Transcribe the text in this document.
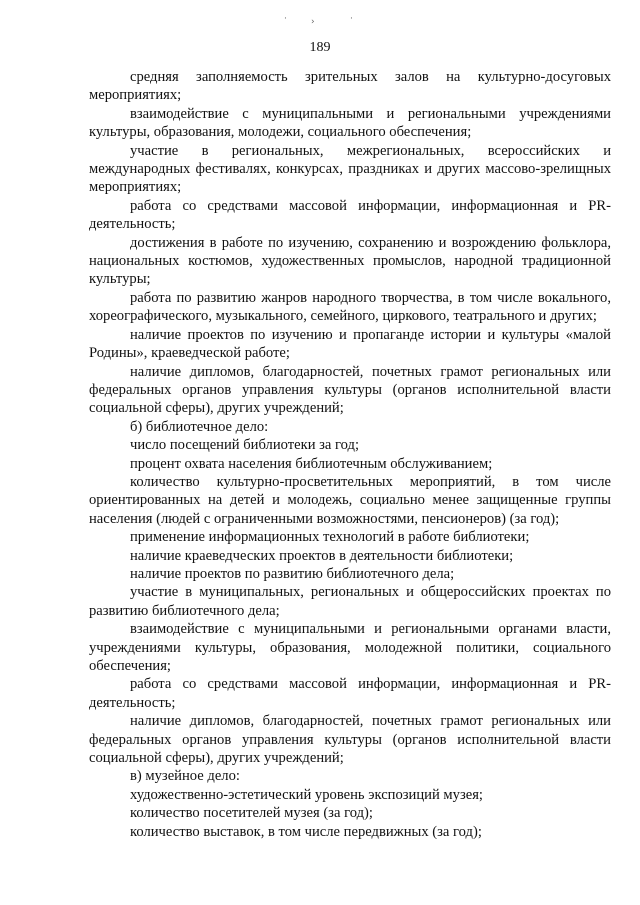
·	›	·
189

средняя заполняемость зрительных залов на культурно-досуговых мероприятиях;

взаимодействие с муниципальными и региональными учреждениями культуры, образования, молодежи, социального обеспечения;

участие в региональных, межрегиональных, всероссийских и международных фестивалях, конкурсах, праздниках и других массово-зрелищных мероприятиях;

работа со средствами массовой информации, информационная и PR-деятельность;

достижения в работе по изучению, сохранению и возрождению фольклора, национальных костюмов, художественных промыслов, народной традиционной культуры;

работа по развитию жанров народного творчества, в том числе вокального, хореографического, музыкального, семейного, циркового, театрального и других;

наличие проектов по изучению и пропаганде истории и культуры «малой Родины», краеведческой работе;

наличие дипломов, благодарностей, почетных грамот региональных или федеральных органов управления культуры (органов исполнительной власти социальной сферы), других учреждений;

б) библиотечное дело:

число посещений библиотеки за год;

процент охвата населения библиотечным обслуживанием;

количество культурно-просветительных мероприятий, в том числе ориентированных на детей и молодежь, социально менее защищенные группы населения (людей с ограниченными возможностями, пенсионеров) (за год);

применение информационных технологий в работе библиотеки;

наличие краеведческих проектов в деятельности библиотеки;

наличие проектов по развитию библиотечного дела;

участие в муниципальных, региональных и общероссийских проектах по развитию библиотечного дела;

взаимодействие с муниципальными и региональными органами власти, учреждениями культуры, образования, молодежной политики, социального обеспечения;

работа со средствами массовой информации, информационная и PR-деятельность;

наличие дипломов, благодарностей, почетных грамот региональных или федеральных органов управления культуры (органов исполнительной власти социальной сферы), других учреждений;

в) музейное дело:

художественно-эстетический уровень экспозиций музея;

количество посетителей музея (за год);

количество выставок, в том числе передвижных (за год);
